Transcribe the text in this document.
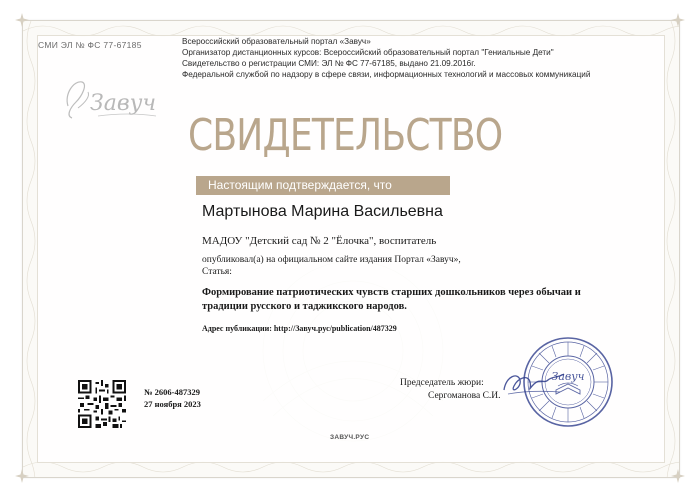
СМИ ЭЛ № ФС 77-67185
Завуч
Всероссийский образовательный портал «Завуч»
Организатор дистанционных курсов: Всероссийский образовательный портал "Гениальные Дети"
Свидетельство о регистрации СМИ: ЭЛ № ФС 77-67185, выдано 21.09.2016г.
Федеральной службой по надзору в сфере связи, информационных технологий и массовых коммуникаций
СВИДЕТЕЛЬСТВО
Настоящим подтверждается, что
Мартынова Марина Васильевна
МАДОУ "Детский сад № 2 "Ёлочка", воспитатель
опубликовал(а) на официальном сайте издания Портал «Завуч»,
Статья:
Формирование патриотических чувств старших дошкольников через обычаи и
традиции русского и таджикского народов.
Адрес публикации: http://Завуч.рус/publication/487329
№ 2606-487329
27 ноября 2023
Председатель жюри:
Сергоманова С.И.
Завуч
ЗАВУЧ.РУС
